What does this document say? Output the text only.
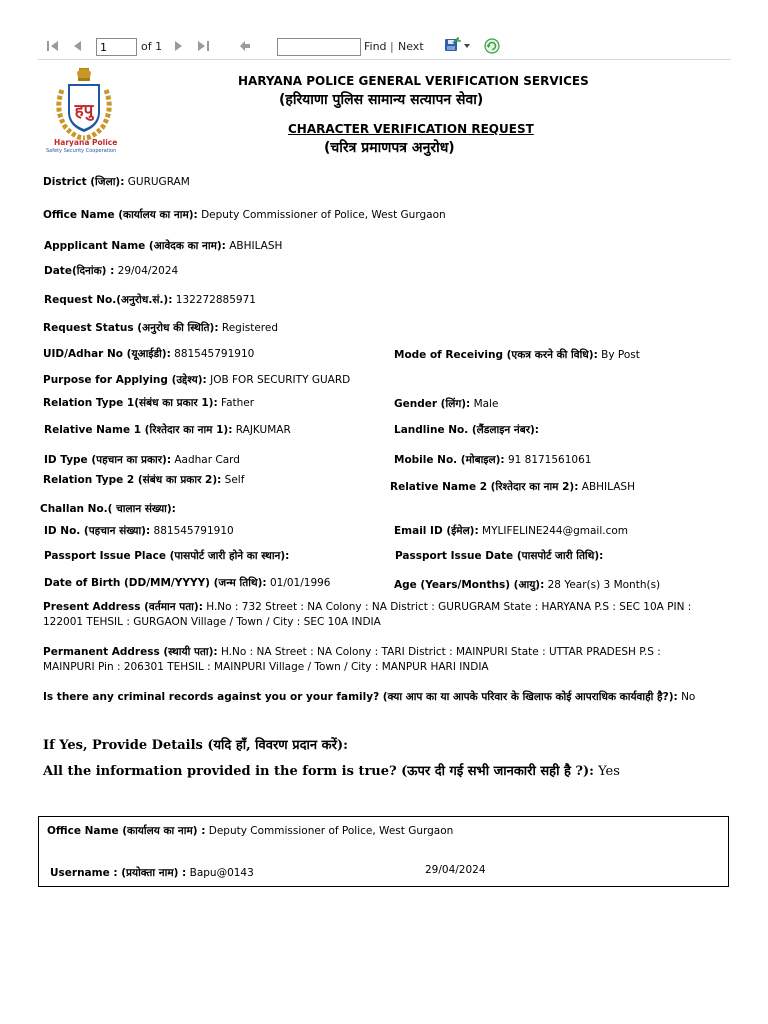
1
of 1	Find | Next
हपु
Haryana Police
Safety Security Cooperation
HARYANA POLICE GENERAL VERIFICATION SERVICES
(हरियाणा पुलिस सामान्य सत्यापन सेवा)
CHARACTER VERIFICATION REQUEST
(चरित्र प्रमाणपत्र अनुरोध)
District (जिला): GURUGRAM
Office Name (कार्यालय का नाम): Deputy Commissioner of Police, West Gurgaon
Appplicant Name (आवेदक का नाम): ABHILASH
Date(दिनांक) : 29/04/2024
Request No.(अनुरोध.सं.): 132272885971
Request Status (अनुरोध की स्थिति): Registered
UID/Adhar No (यूआईडी): 881545791910	Mode of Receiving (एकत्र करने की विधि): By Post
Purpose for Applying (उद्देश्य): JOB FOR SECURITY GUARD
Relation Type 1(संबंध का प्रकार 1): Father	Gender (लिंग): Male
Relative Name 1 (रिश्तेदार का नाम 1): RAJKUMAR	Landline No. (लैंडलाइन नंबर):
ID Type (पहचान का प्रकार): Aadhar Card	Mobile No. (मोबाइल): 91 8171561061
Relation Type 2 (संबंध का प्रकार 2): Self
Relative Name 2 (रिश्तेदार का नाम 2): ABHILASH
Challan No.( चालान संख्या):
ID No. (पहचान संख्या): 881545791910	Email ID (ईमेल): MYLIFELINE244@gmail.com
Passport Issue Place (पासपोर्ट जारी होने का स्थान):	Passport Issue Date (पासपोर्ट जारी तिथि):
Date of Birth (DD/MM/YYYY) (जन्म तिथि): 01/01/1996	Age (Years/Months) (आयु): 28 Year(s) 3 Month(s)
Present Address (वर्तमान पता): H.No : 732 Street : NA Colony : NA District : GURUGRAM State : HARYANA P.S : SEC 10A PIN : 122001 TEHSIL : GURGAON Village / Town / City : SEC 10A INDIA
Permanent Address (स्थायी पता): H.No : NA Street : NA Colony : TARI District : MAINPURI State : UTTAR PRADESH P.S : MAINPURI Pin : 206301 TEHSIL : MAINPURI Village / Town / City : MANPUR HARI INDIA
Is there any criminal records against you or your family? (क्या आप का या आपके परिवार के खिलाफ कोई आपराधिक कार्यवाही है?): No
If Yes, Provide Details (यदि हाँ, विवरण प्रदान करें):
All the information provided in the form is true? (ऊपर दी गई सभी जानकारी सही है ?): Yes
Office Name (कार्यालय का नाम) : Deputy Commissioner of Police, West Gurgaon
Username : (प्रयोक्ता नाम) : Bapu@0143	29/04/2024
